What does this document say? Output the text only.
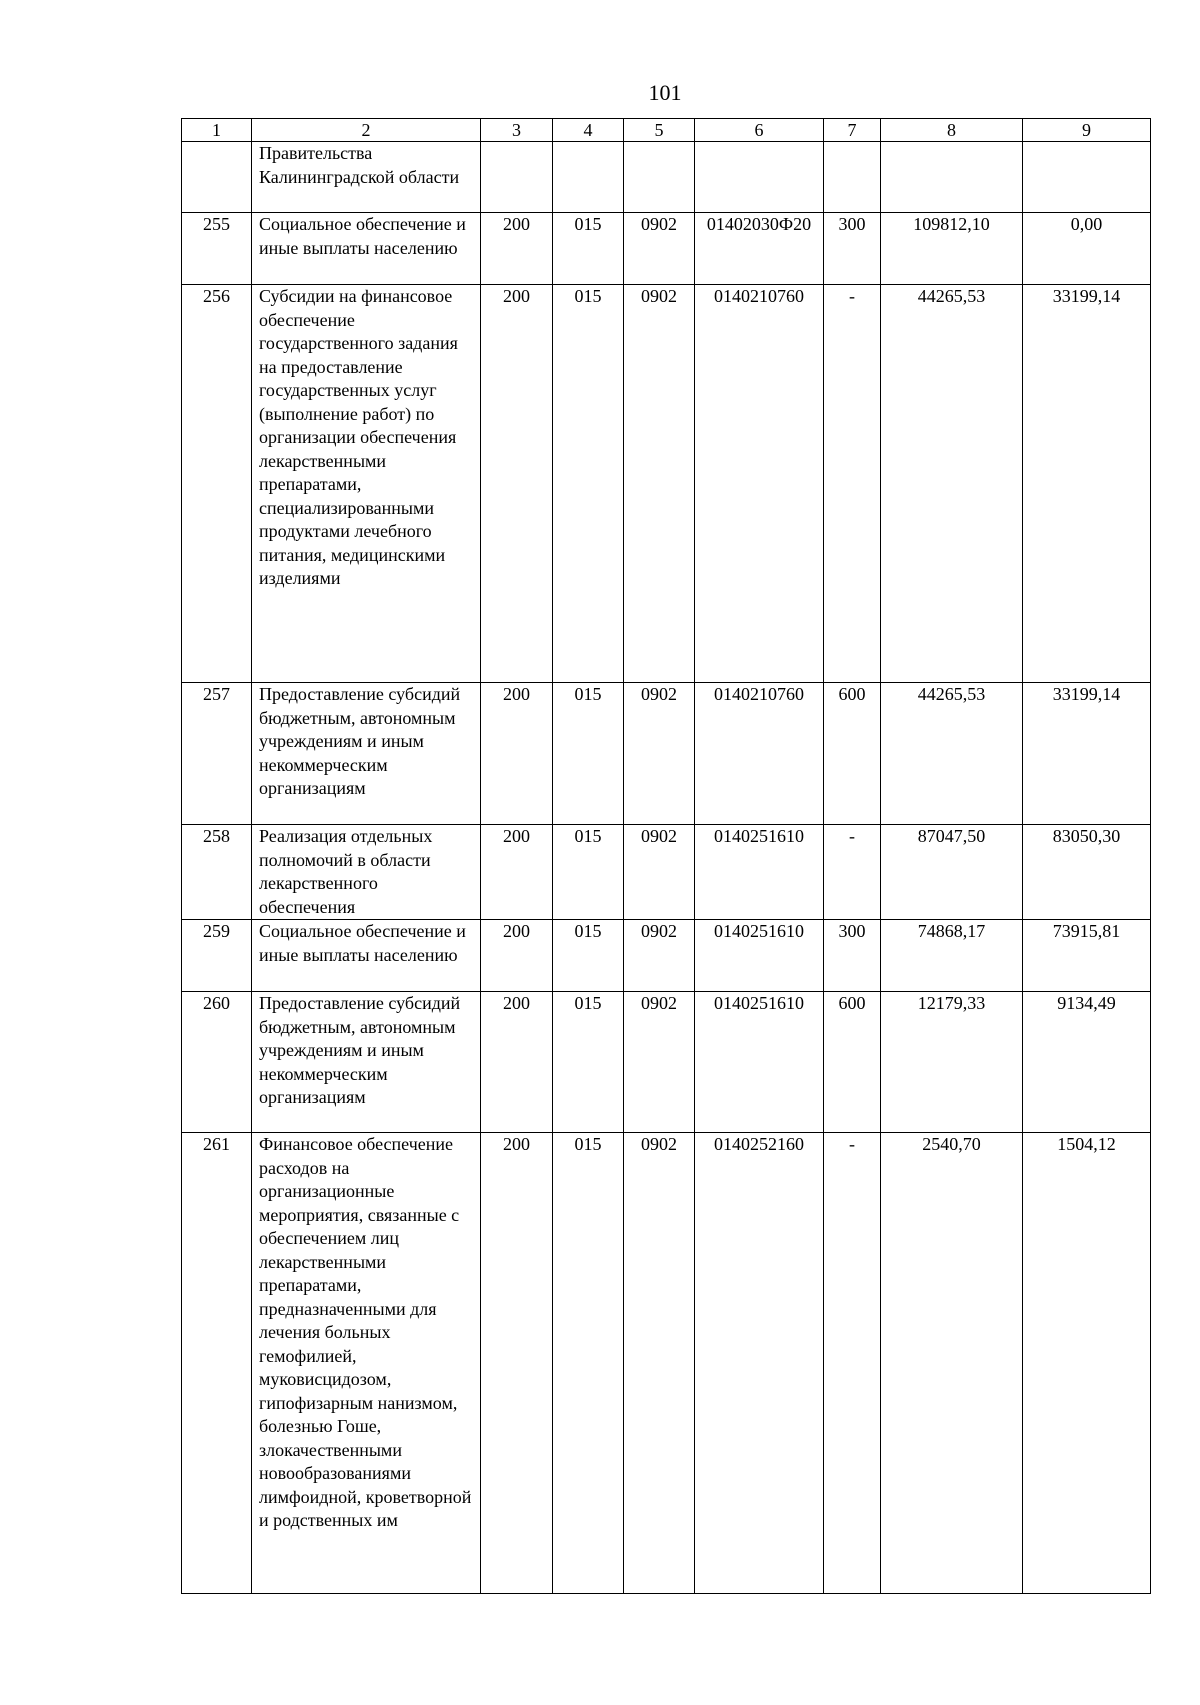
101
1	2	3	4	5	6	7	8	9
	Правительства Калининградской области							
255	Социальное обеспечение и иные выплаты населению	200	015	0902	01402030Ф20	300	109812,10	0,00
256	Субсидии на финансовое обеспечение государственного задания на предоставление государственных услуг (выполнение работ) по организации обеспечения лекарственными препаратами, специализированными продуктами лечебного питания, медицинскими изделиями	200	015	0902	0140210760	-	44265,53	33199,14
257	Предоставление субсидий бюджетным, автономным учреждениям и иным некоммерческим организациям	200	015	0902	0140210760	600	44265,53	33199,14
258	Реализация отдельных полномочий в области лекарственного обеспечения	200	015	0902	0140251610	-	87047,50	83050,30
259	Социальное обеспечение и иные выплаты населению	200	015	0902	0140251610	300	74868,17	73915,81
260	Предоставление субсидий бюджетным, автономным учреждениям и иным некоммерческим организациям	200	015	0902	0140251610	600	12179,33	9134,49
261	Финансовое обеспечение расходов на организационные мероприятия, связанные с обеспечением лиц лекарственными препаратами, предназначенными для лечения больных гемофилией, муковисцидозом, гипофизарным нанизмом, болезнью Гоше, злокачественными новообразованиями лимфоидной, кроветворной и родственных им	200	015	0902	0140252160	-	2540,70	1504,12
